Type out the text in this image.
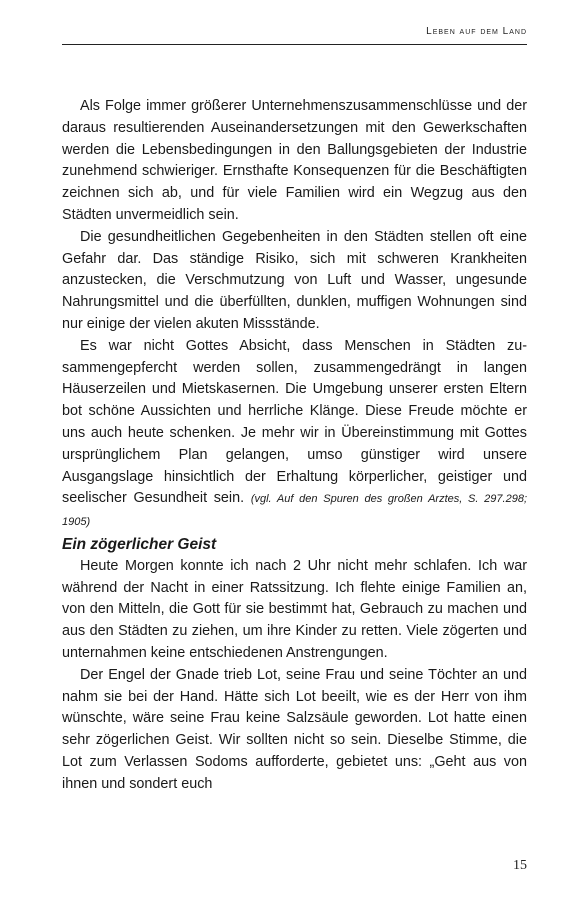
Leben auf dem Land

Als Folge immer größerer Unternehmenszusammenschlüsse und der daraus resultierenden Auseinandersetzungen mit den Gewerkschaften werden die Lebensbedingungen in den Ballungsgebieten der Industrie zunehmend schwieriger. Ernsthafte Konsequenzen für die Beschäftigten zeichnen sich ab, und für viele Familien wird ein Wegzug aus den Städten unvermeidlich sein.

Die gesundheitlichen Gegebenheiten in den Städten stellen oft eine Gefahr dar. Das ständige Risiko, sich mit schweren Krankheiten anzustecken, die Verschmutzung von Luft und Wasser, ungesunde Nahrungsmittel und die überfüllten, dunklen, muffigen Wohnungen sind nur einige der vielen akuten Missstände.

Es war nicht Gottes Absicht, dass Menschen in Städten zusammengepfercht werden sollen, zusammengedrängt in langen Häuserzeilen und Mietskasernen. Die Umgebung unserer ersten Eltern bot schöne Aussichten und herrliche Klänge. Diese Freude möchte er uns auch heute schenken. Je mehr wir in Übereinstimmung mit Gottes ursprünglichem Plan gelangen, umso günstiger wird unsere Ausgangslage hinsichtlich der Erhaltung körperlicher, geistiger und seelischer Gesundheit sein. (vgl. Auf den Spuren des großen Arztes, S. 297.298; 1905)

Ein zögerlicher Geist

Heute Morgen konnte ich nach 2 Uhr nicht mehr schlafen. Ich war während der Nacht in einer Ratssitzung. Ich flehte einige Familien an, von den Mitteln, die Gott für sie bestimmt hat, Gebrauch zu machen und aus den Städten zu ziehen, um ihre Kinder zu retten. Viele zögerten und unternahmen keine entschiedenen Anstrengungen.

Der Engel der Gnade trieb Lot, seine Frau und seine Töchter an und nahm sie bei der Hand. Hätte sich Lot beeilt, wie es der Herr von ihm wünschte, wäre seine Frau keine Salzsäule geworden. Lot hatte einen sehr zögerlichen Geist. Wir sollten nicht so sein. Dieselbe Stimme, die Lot zum Verlassen Sodoms aufforderte, gebietet uns: „Geht aus von ihnen und sondert euch

15
